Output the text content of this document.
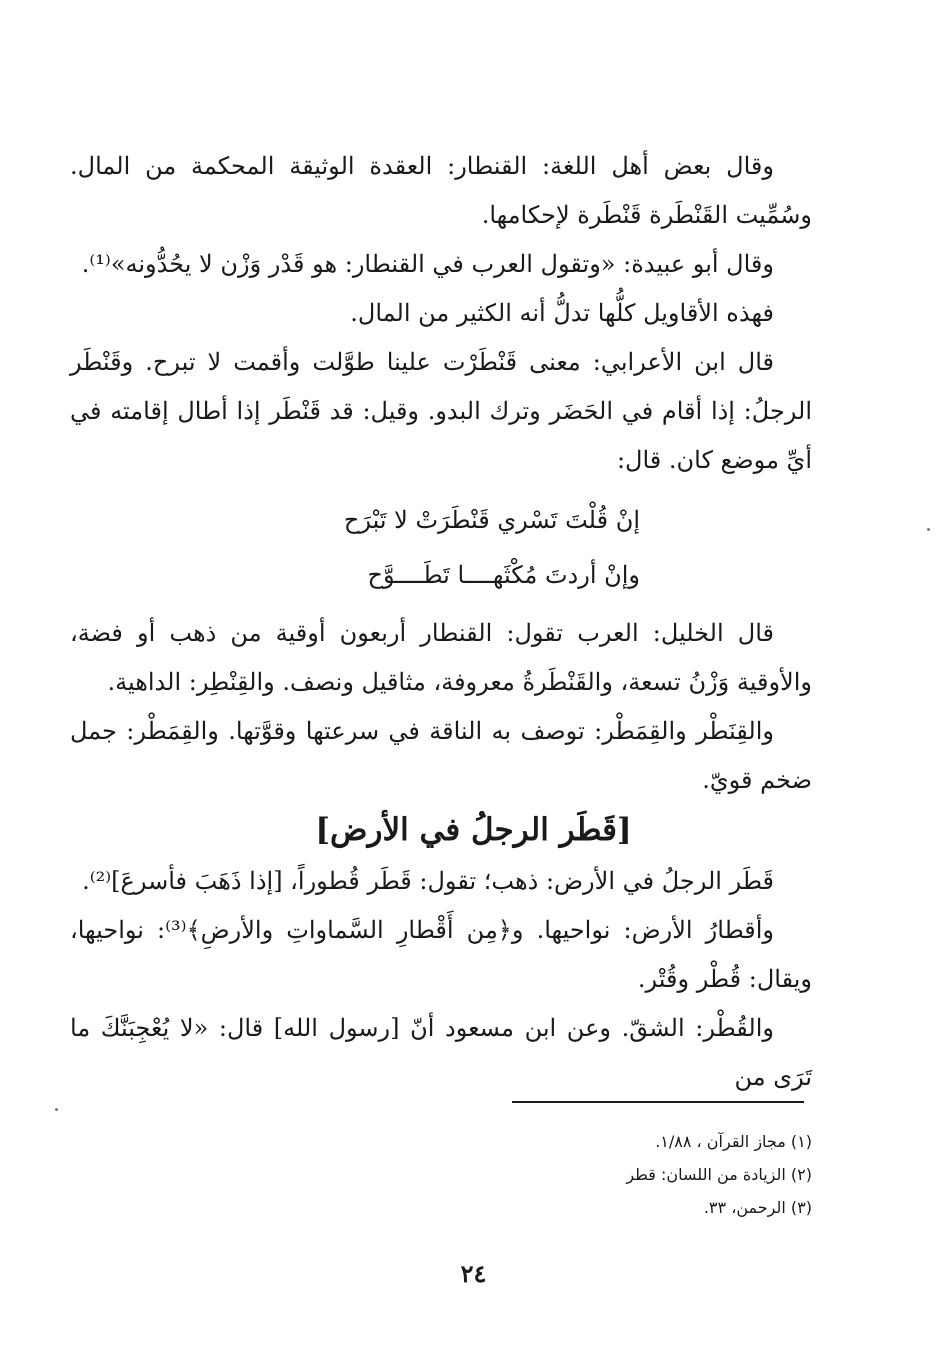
وقال بعض أهل اللغة: القنطار: العقدة الوثيقة المحكمة من المال. وسُمِّيت القَنْطَرة قَنْطَرة لإحكامها.

وقال أبو عبيدة: «وتقول العرب في القنطار: هو قَدْر وَزْن لا يحُدُّونه»⁽¹⁾.

فهذه الأقاويل كلُّها تدلُّ أنه الكثير من المال.

قال ابن الأعرابي: معنى قَنْطَرْت علينا طوَّلت وأقمت لا تبرح. وقَنْطَر الرجلُ: إذا أقام في الحَضَر وترك البدو. وقيل: قد قَنْطَر إذا أطال إقامته في أيِّ موضع كان. قال:

إنْ قُلْتَ تَسْري قَنْطَرَتْ لا تَبْرَح
وإنْ أردتَ مُكْثَهــــا تَطَــــوَّح

قال الخليل: العرب تقول: القنطار أربعون أوقية من ذهب أو فضة، والأوقية وَزْنُ تسعة، والقَنْطَرةُ معروفة، مثاقيل ونصف. والقِنْطِر: الداهية.

والقِنَطْر والقِمَطْر: توصف به الناقة في سرعتها وقوَّتها. والقِمَطْر: جمل ضخم قويّ.

[قَطَر الرجلُ في الأرض]

قَطَر الرجلُ في الأرض: ذهب؛ تقول: قَطَر قُطوراً، [إذا ذَهَبَ فأسرعَ]⁽²⁾.

وأقطارُ الأرض: نواحيها. و﴿مِن أَقْطارِ السَّماواتِ والأرضِ﴾⁽³⁾: نواحيها، ويقال: قُطْر وقُتْر.

والقُطْر: الشقّ. وعن ابن مسعود أنّ [رسول الله] قال: «لا يُعْجِبَنَّكَ ما تَرَى من

(١) مجاز القرآن ، ١/٨٨.

(٢) الزيادة من اللسان: قطر

(٣) الرحمن، ٣٣.

٢٤
